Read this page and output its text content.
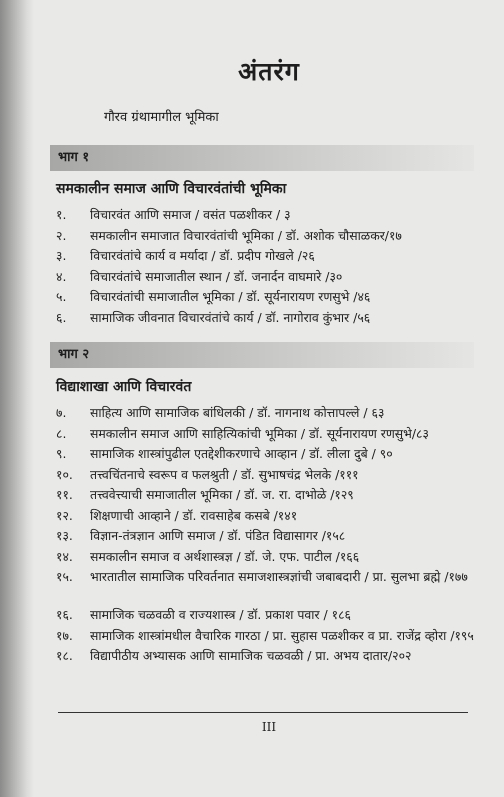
अंतरंग
गौरव ग्रंथामागील भूमिका
भाग १
समकालीन समाज आणि विचारवंतांची भूमिका
१. विचारवंत आणि समाज / वसंत पळशीकर / ३
२. समकालीन समाजात विचारवंतांची भूमिका / डॉ. अशोक चौसाळकर/१७
३. विचारवंतांचे कार्य व मर्यादा / डॉ. प्रदीप गोखले /२६
४. विचारवंतांचे समाजातील स्थान / डॉ. जनार्दन वाघमारे /३०
५. विचारवंतांची समाजातील भूमिका / डॉ. सूर्यनारायण रणसुभे /४६
६. सामाजिक जीवनात विचारवंतांचे कार्य / डॉ. नागोराव कुंभार /५६
भाग २
विद्याशाखा आणि विचारवंत
७. साहित्य आणि सामाजिक बांधिलकी / डॉ. नागनाथ कोत्तापल्ले / ६३
८. समकालीन समाज आणि साहित्यिकांची भूमिका / डॉ. सूर्यनारायण रणसुभे/८३
९. सामाजिक शास्त्रांपुढील एतद्देशीकरणाचे आव्हान / डॉ. लीला दुबे / ९०
१०. तत्त्वचिंतनाचे स्वरूप व फलश्रुती / डॉ. सुभाषचंद्र भेलके /१११
११. तत्त्ववेत्त्याची समाजातील भूमिका / डॉ. ज. रा. दाभोळे /१२९
१२. शिक्षणाची आव्हाने / डॉ. रावसाहेब कसबे /१४१
१३. विज्ञान-तंत्रज्ञान आणि समाज / डॉ. पंडित विद्यासागर /१५८
१४. समकालीन समाज व अर्थशास्त्रज्ञ / डॉ. जे. एफ. पाटील /१६६
१५. भारतातील सामाजिक परिवर्तनात समाजशास्त्रज्ञांची जबाबदारी / प्रा. सुलभा ब्रह्मे /१७७
१६. सामाजिक चळवळी व राज्यशास्त्र / डॉ. प्रकाश पवार / १८६
१७. सामाजिक शास्त्रांमधील वैचारिक गारठा / प्रा. सुहास पळशीकर व प्रा. राजेंद्र व्होरा /१९५
१८. विद्यापीठीय अभ्यासक आणि सामाजिक चळवळी / प्रा. अभय दातार/२०२
III
